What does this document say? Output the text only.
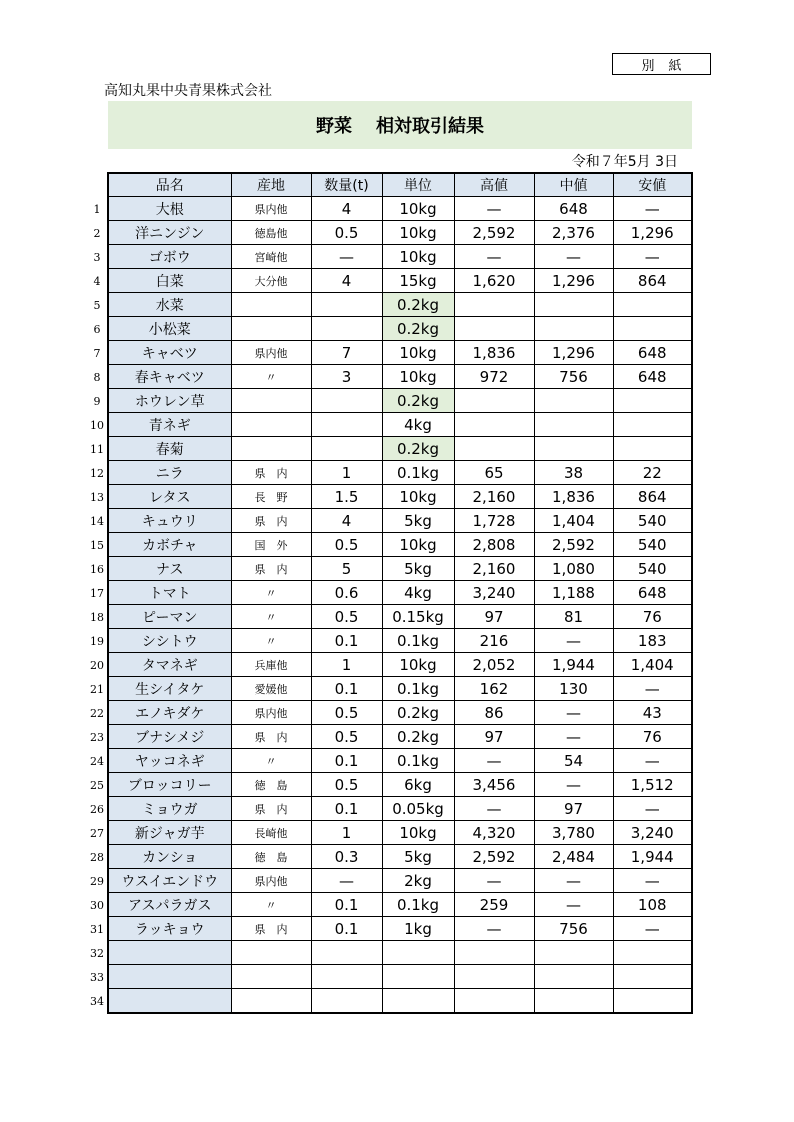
別紙
高知丸果中央青果株式会社
野菜 相対取引結果
令和７年5月 3日
品名	産地	数量(t)	単位	高値	中値	安値
大根	県内他	4	10kg	—	648	—
洋ニンジン	徳島他	0.5	10kg	2,592	2,376	1,296
ゴボウ	宮崎他	—	10kg	—	—	—
白菜	大分他	4	15kg	1,620	1,296	864
水菜			0.2kg			
小松菜			0.2kg			
キャベツ	県内他	7	10kg	1,836	1,296	648
春キャベツ	〃	3	10kg	972	756	648
ホウレン草			0.2kg			
青ネギ			4kg			
春菊			0.2kg			
ニラ	県　内	1	0.1kg	65	38	22
レタス	長　野	1.5	10kg	2,160	1,836	864
キュウリ	県　内	4	5kg	1,728	1,404	540
カボチャ	国　外	0.5	10kg	2,808	2,592	540
ナス	県　内	5	5kg	2,160	1,080	540
トマト	〃	0.6	4kg	3,240	1,188	648
ピーマン	〃	0.5	0.15kg	97	81	76
シシトウ	〃	0.1	0.1kg	216	—	183
タマネギ	兵庫他	1	10kg	2,052	1,944	1,404
生シイタケ	愛媛他	0.1	0.1kg	162	130	—
エノキダケ	県内他	0.5	0.2kg	86	—	43
ブナシメジ	県　内	0.5	0.2kg	97	—	76
ヤッコネギ	〃	0.1	0.1kg	—	54	—
ブロッコリー	徳　島	0.5	6kg	3,456	—	1,512
ミョウガ	県　内	0.1	0.05kg	—	97	—
新ジャガ芋	長崎他	1	10kg	4,320	3,780	3,240
カンショ	徳　島	0.3	5kg	2,592	2,484	1,944
ウスイエンドウ	県内他	—	2kg	—	—	—
アスパラガス	〃	0.1	0.1kg	259	—	108
ラッキョウ	県　内	0.1	1kg	—	756	—

1
2
3
4
5
6
7
8
9
10
11
12
13
14
15
16
17
18
19
20
21
22
23
24
25
26
27
28
29
30
31
32
33
34
